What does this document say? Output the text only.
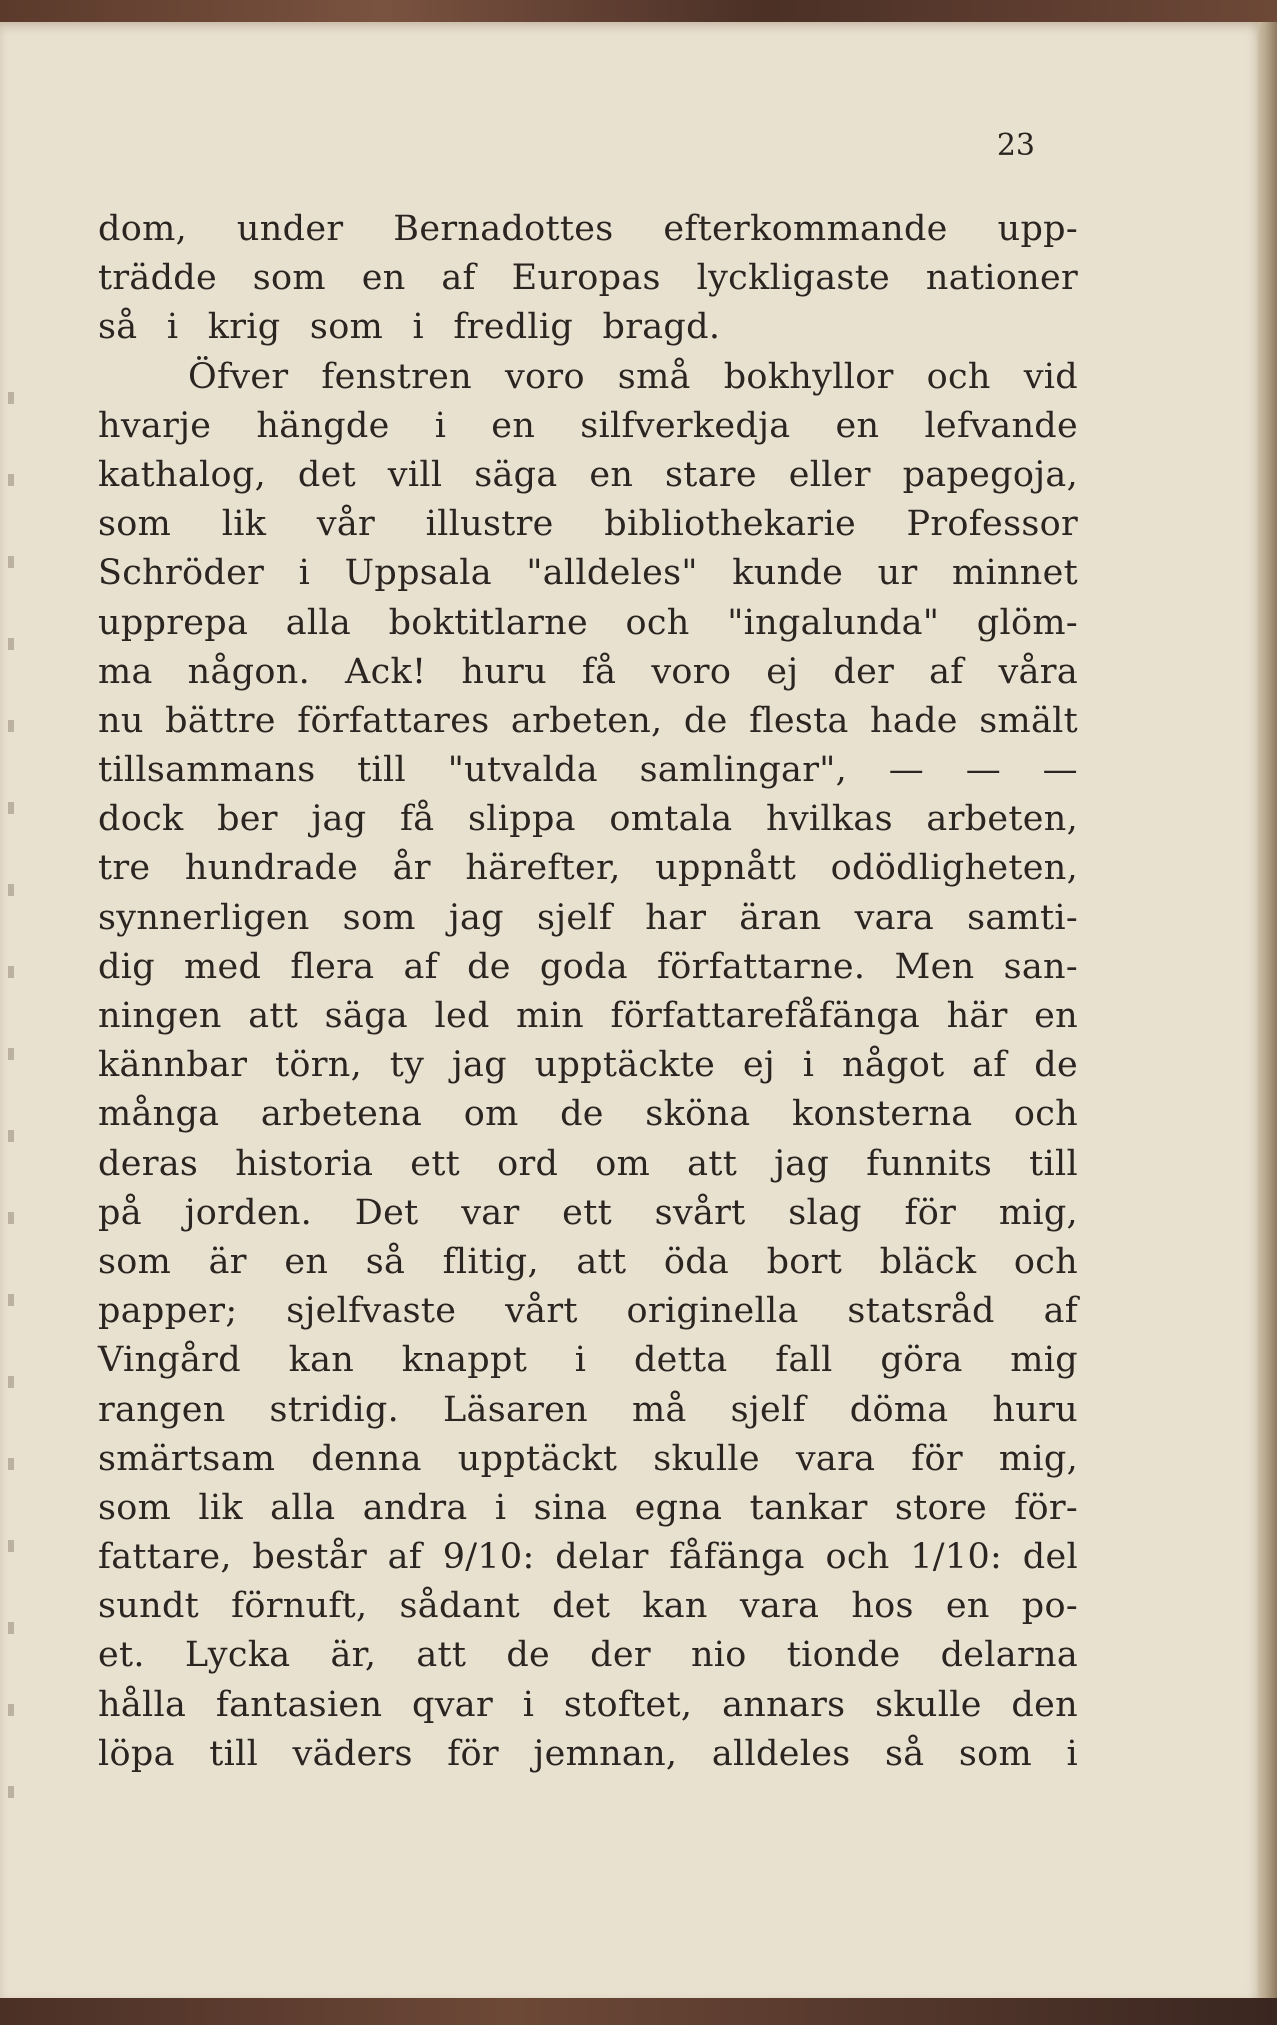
23
dom, under Bernadottes efterkommande upp-
trädde som en af Europas lyckligaste nationer
så i krig som i fredlig bragd.
Öfver fenstren voro små bokhyllor och vid
hvarje hängde i en silfverkedja en lefvande
kathalog, det vill säga en stare eller papegoja,
som lik vår illustre bibliothekarie Professor
Schröder i Uppsala "alldeles" kunde ur minnet
upprepa alla boktitlarne och "ingalunda" glöm-
ma någon. Ack! huru få voro ej der af våra
nu bättre författares arbeten, de flesta hade smält
tillsammans till "utvalda samlingar", — — —
dock ber jag få slippa omtala hvilkas arbeten,
tre hundrade år härefter, uppnått odödligheten,
synnerligen som jag sjelf har äran vara samti-
dig med flera af de goda författarne. Men san-
ningen att säga led min författarefåfänga här en
kännbar törn, ty jag upptäckte ej i något af de
många arbetena om de sköna konsterna och
deras historia ett ord om att jag funnits till
på jorden. Det var ett svårt slag för mig,
som är en så flitig, att öda bort bläck och
papper; sjelfvaste vårt originella statsråd af
Vingård kan knappt i detta fall göra mig
rangen stridig. Läsaren må sjelf döma huru
smärtsam denna upptäckt skulle vara för mig,
som lik alla andra i sina egna tankar store för-
fattare, består af 9/10: delar fåfänga och 1/10: del
sundt förnuft, sådant det kan vara hos en po-
et. Lycka är, att de der nio tionde delarna
hålla fantasien qvar i stoftet, annars skulle den
löpa till väders för jemnan, alldeles så som i
